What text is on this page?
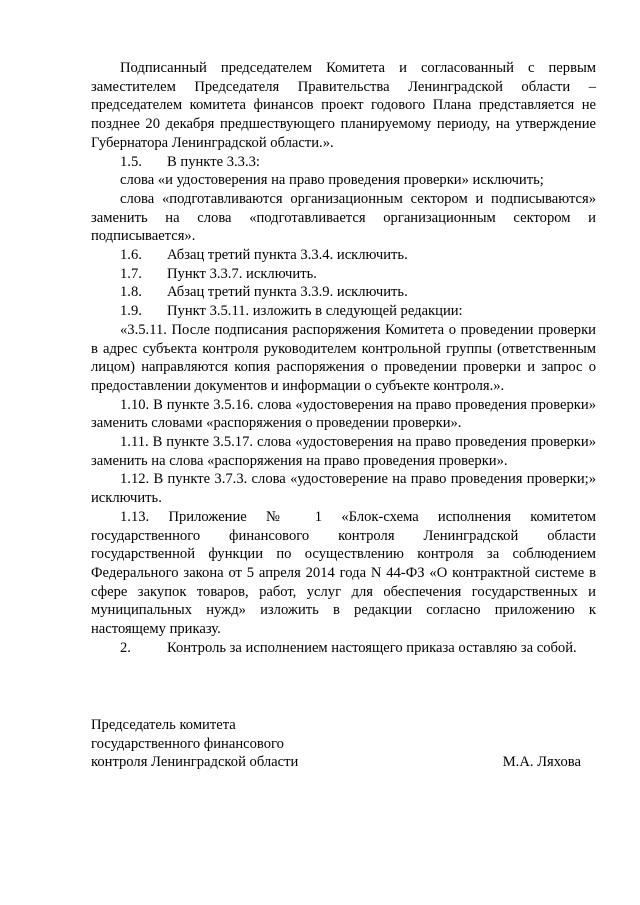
Подписанный председателем Комитета и согласованный с первым заместителем Председателя Правительства Ленинградской области – председателем комитета финансов проект годового Плана представляется не позднее 20 декабря предшествующего планируемому периоду, на утверждение Губернатора Ленинградской области.».

1.5. В пункте 3.3.3:

слова «и удостоверения на право проведения проверки» исключить;

слова «подготавливаются организационным сектором и подписываются» заменить на слова «подготавливается организационным сектором и подписывается».

1.6. Абзац третий пункта 3.3.4. исключить.
1.7. Пункт 3.3.7. исключить.
1.8. Абзац третий пункта 3.3.9. исключить.
1.9. Пункт 3.5.11. изложить в следующей редакции:

«3.5.11. После подписания распоряжения Комитета о проведении проверки в адрес субъекта контроля руководителем контрольной группы (ответственным лицом) направляются копия распоряжения о проведении проверки и запрос о предоставлении документов и информации о субъекте контроля.».

1.10. В пункте 3.5.16. слова «удостоверения на право проведения проверки» заменить словами «распоряжения о проведении проверки».

1.11. В пункте 3.5.17. слова «удостоверения на право проведения проверки» заменить на слова «распоряжения на право проведения проверки».

1.12. В пункте 3.7.3. слова «удостоверение на право проведения проверки;» исключить.

1.13. Приложение № 1 «Блок-схема исполнения комитетом государственного финансового контроля Ленинградской области государственной функции по осуществлению контроля за соблюдением Федерального закона от 5 апреля 2014 года N 44-ФЗ «О контрактной системе в сфере закупок товаров, работ, услуг для обеспечения государственных и муниципальных нужд» изложить в редакции согласно приложению к настоящему приказу.

2. Контроль за исполнением настоящего приказа оставляю за собой.

Председатель комитета

государственного финансового

контроля Ленинградской области	М.А. Ляхова
